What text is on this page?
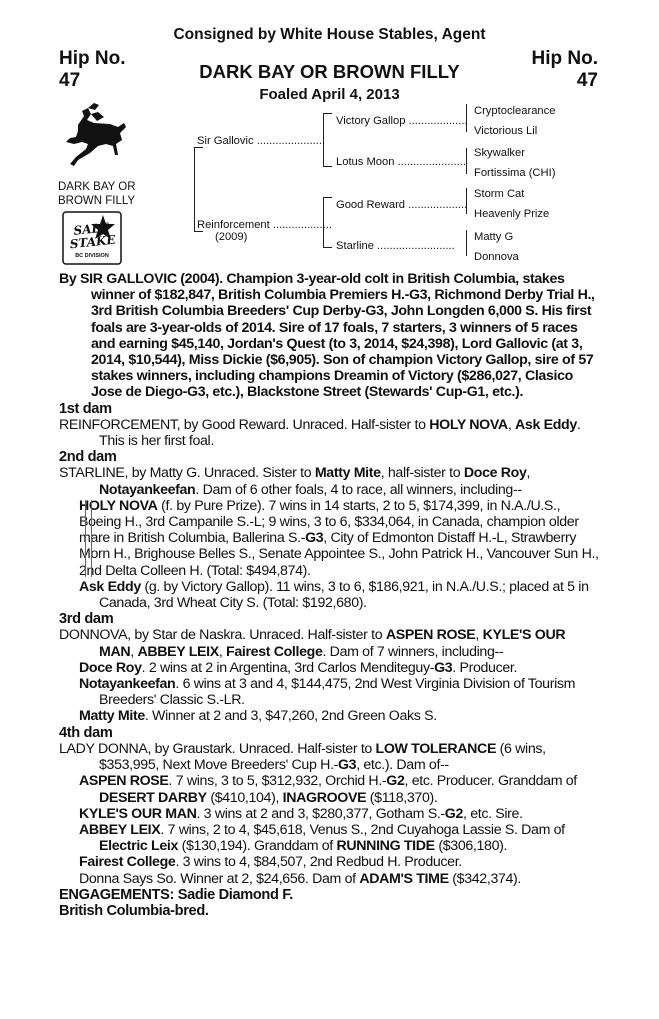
Consigned by White House Stables, Agent
Hip No.
47
Hip No.
47
DARK BAY OR BROWN FILLY
Foaled April 4, 2013
DARK BAY OR
BROWN FILLY
SALE STAKE
BC DIVISION
Sir Gallovic ......................
Reinforcement ...................
(2009)
Victory Gallop ...................
Lotus Moon ......................
Good Reward ...................
Starline .........................
Cryptoclearance
Victorious Lil
Skywalker
Fortissima (CHI)
Storm Cat
Heavenly Prize
Matty G
Donnova

By SIR GALLOVIC (2004). Champion 3-year-old colt in British Columbia, stakes winner of $182,847, British Columbia Premiers H.-G3, Richmond Derby Trial H., 3rd British Columbia Breeders' Cup Derby-G3, John Longden 6,000 S. His first foals are 3-year-olds of 2014. Sire of 17 foals, 7 starters, 3 winners of 5 races and earning $45,140, Jordan's Quest (to 3, 2014, $24,398), Lord Gallovic (at 3, 2014, $10,544), Miss Dickie ($6,905). Son of champion Victory Gallop, sire of 57 stakes winners, including champions Dreamin of Victory ($286,027, Clasico Jose de Diego-G3, etc.), Blackstone Street (Stewards' Cup-G1, etc.).

1st dam

REINFORCEMENT, by Good Reward. Unraced. Half-sister to HOLY NOVA, Ask Eddy. This is her first foal.

2nd dam

STARLINE, by Matty G. Unraced. Sister to Matty Mite, half-sister to Doce Roy, Notayankeefan. Dam of 6 other foals, 4 to race, all winners, including--

HOLY NOVA (f. by Pure Prize). 7 wins in 14 starts, 2 to 5, $174,399, in N.A./U.S., Boeing H., 3rd Campanile S.-L; 9 wins, 3 to 6, $334,064, in Canada, champion older mare in British Columbia, Ballerina S.-G3, City of Edmonton Distaff H.-L, Strawberry Morn H., Brighouse Belles S., Senate Appointee S., John Patrick H., Vancouver Sun H., 2nd Delta Colleen H. (Total: $494,874).

Ask Eddy (g. by Victory Gallop). 11 wins, 3 to 6, $186,921, in N.A./U.S.; placed at 5 in Canada, 3rd Wheat City S. (Total: $192,680).

3rd dam

DONNOVA, by Star de Naskra. Unraced. Half-sister to ASPEN ROSE, KYLE'S OUR MAN, ABBEY LEIX, Fairest College. Dam of 7 winners, including--

Doce Roy. 2 wins at 2 in Argentina, 3rd Carlos Menditeguy-G3. Producer.

Notayankeefan. 6 wins at 3 and 4, $144,475, 2nd West Virginia Division of Tourism Breeders' Classic S.-LR.

Matty Mite. Winner at 2 and 3, $47,260, 2nd Green Oaks S.

4th dam

LADY DONNA, by Graustark. Unraced. Half-sister to LOW TOLERANCE (6 wins, $353,995, Next Move Breeders' Cup H.-G3, etc.). Dam of--

ASPEN ROSE. 7 wins, 3 to 5, $312,932, Orchid H.-G2, etc. Producer. Granddam of DESERT DARBY ($410,104), INAGROOVE ($118,370).

KYLE'S OUR MAN. 3 wins at 2 and 3, $280,377, Gotham S.-G2, etc. Sire.

ABBEY LEIX. 7 wins, 2 to 4, $45,618, Venus S., 2nd Cuyahoga Lassie S. Dam of Electric Leix ($130,194). Granddam of RUNNING TIDE ($306,180).

Fairest College. 3 wins to 4, $84,507, 2nd Redbud H. Producer.

Donna Says So. Winner at 2, $24,656. Dam of ADAM'S TIME ($342,374).

ENGAGEMENTS: Sadie Diamond F.

British Columbia-bred.
